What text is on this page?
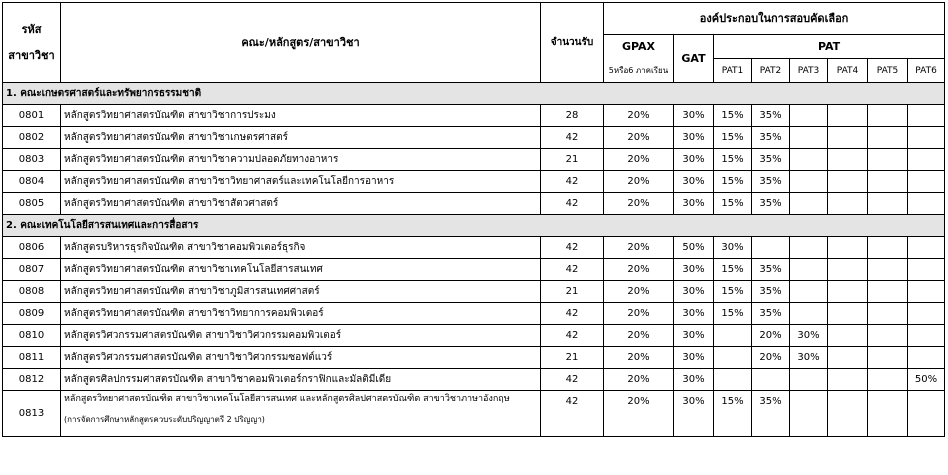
รหัส
สาขาวิชา	คณะ/หลักสูตร/สาขาวิชา	จำนวนรับ	องค์ประกอบในการสอบคัดเลือก							

			GPAX
5หรือ6 ภาคเรียน	GAT	PAT					
					PAT1	PAT2	PAT3	PAT4	PAT5	PAT6
1. คณะเกษตรศาสตร์และทรัพยากรธรรมชาติ										
0801	หลักสูตรวิทยาศาสตรบัณฑิต สาขาวิชาการประมง	28	20%	30%	15%	35%				
0802	หลักสูตรวิทยาศาสตรบัณฑิต สาขาวิชาเกษตรศาสตร์	42	20%	30%	15%	35%				
0803	หลักสูตรวิทยาศาสตรบัณฑิต สาขาวิชาความปลอดภัยทางอาหาร	21	20%	30%	15%	35%				
0804	หลักสูตรวิทยาศาสตรบัณฑิต สาขาวิชาวิทยาศาสตร์และเทคโนโลยีการอาหาร	42	20%	30%	15%	35%				
0805	หลักสูตรวิทยาศาสตรบัณฑิต สาขาวิชาสัตวศาสตร์	42	20%	30%	15%	35%				
2. คณะเทคโนโลยีสารสนเทศและการสื่อสาร										
0806	หลักสูตรบริหารธุรกิจบัณฑิต สาขาวิชาคอมพิวเตอร์ธุรกิจ	42	20%	50%	30%					
0807	หลักสูตรวิทยาศาสตรบัณฑิต สาขาวิชาเทคโนโลยีสารสนเทศ	42	20%	30%	15%	35%				
0808	หลักสูตรวิทยาศาสตรบัณฑิต สาขาวิชาภูมิสารสนเทศศาสตร์	21	20%	30%	15%	35%				
0809	หลักสูตรวิทยาศาสตรบัณฑิต สาขาวิชาวิทยาการคอมพิวเตอร์	42	20%	30%	15%	35%				
0810	หลักสูตรวิศวกรรมศาสตรบัณฑิต สาขาวิชาวิศวกรรมคอมพิวเตอร์	42	20%	30%		20%	30%			
0811	หลักสูตรวิศวกรรมศาสตรบัณฑิต สาขาวิชาวิศวกรรมซอฟต์แวร์	21	20%	30%		20%	30%			
0812	หลักสูตรศิลปกรรมศาสตรบัณฑิต สาขาวิชาคอมพิวเตอร์กราฟิกและมัลติมีเดีย	42	20%	30%						50%
0813	หลักสูตรวิทยาศาสตรบัณฑิต สาขาวิชาเทคโนโลยีสารสนเทศ และหลักสูตรศิลปศาสตรบัณฑิต สาขาวิชาภาษาอังกฤษ
(การจัดการศึกษาหลักสูตรควบระดับปริญญาตรี 2 ปริญญา)	42	20%	30%	15%	35%				
